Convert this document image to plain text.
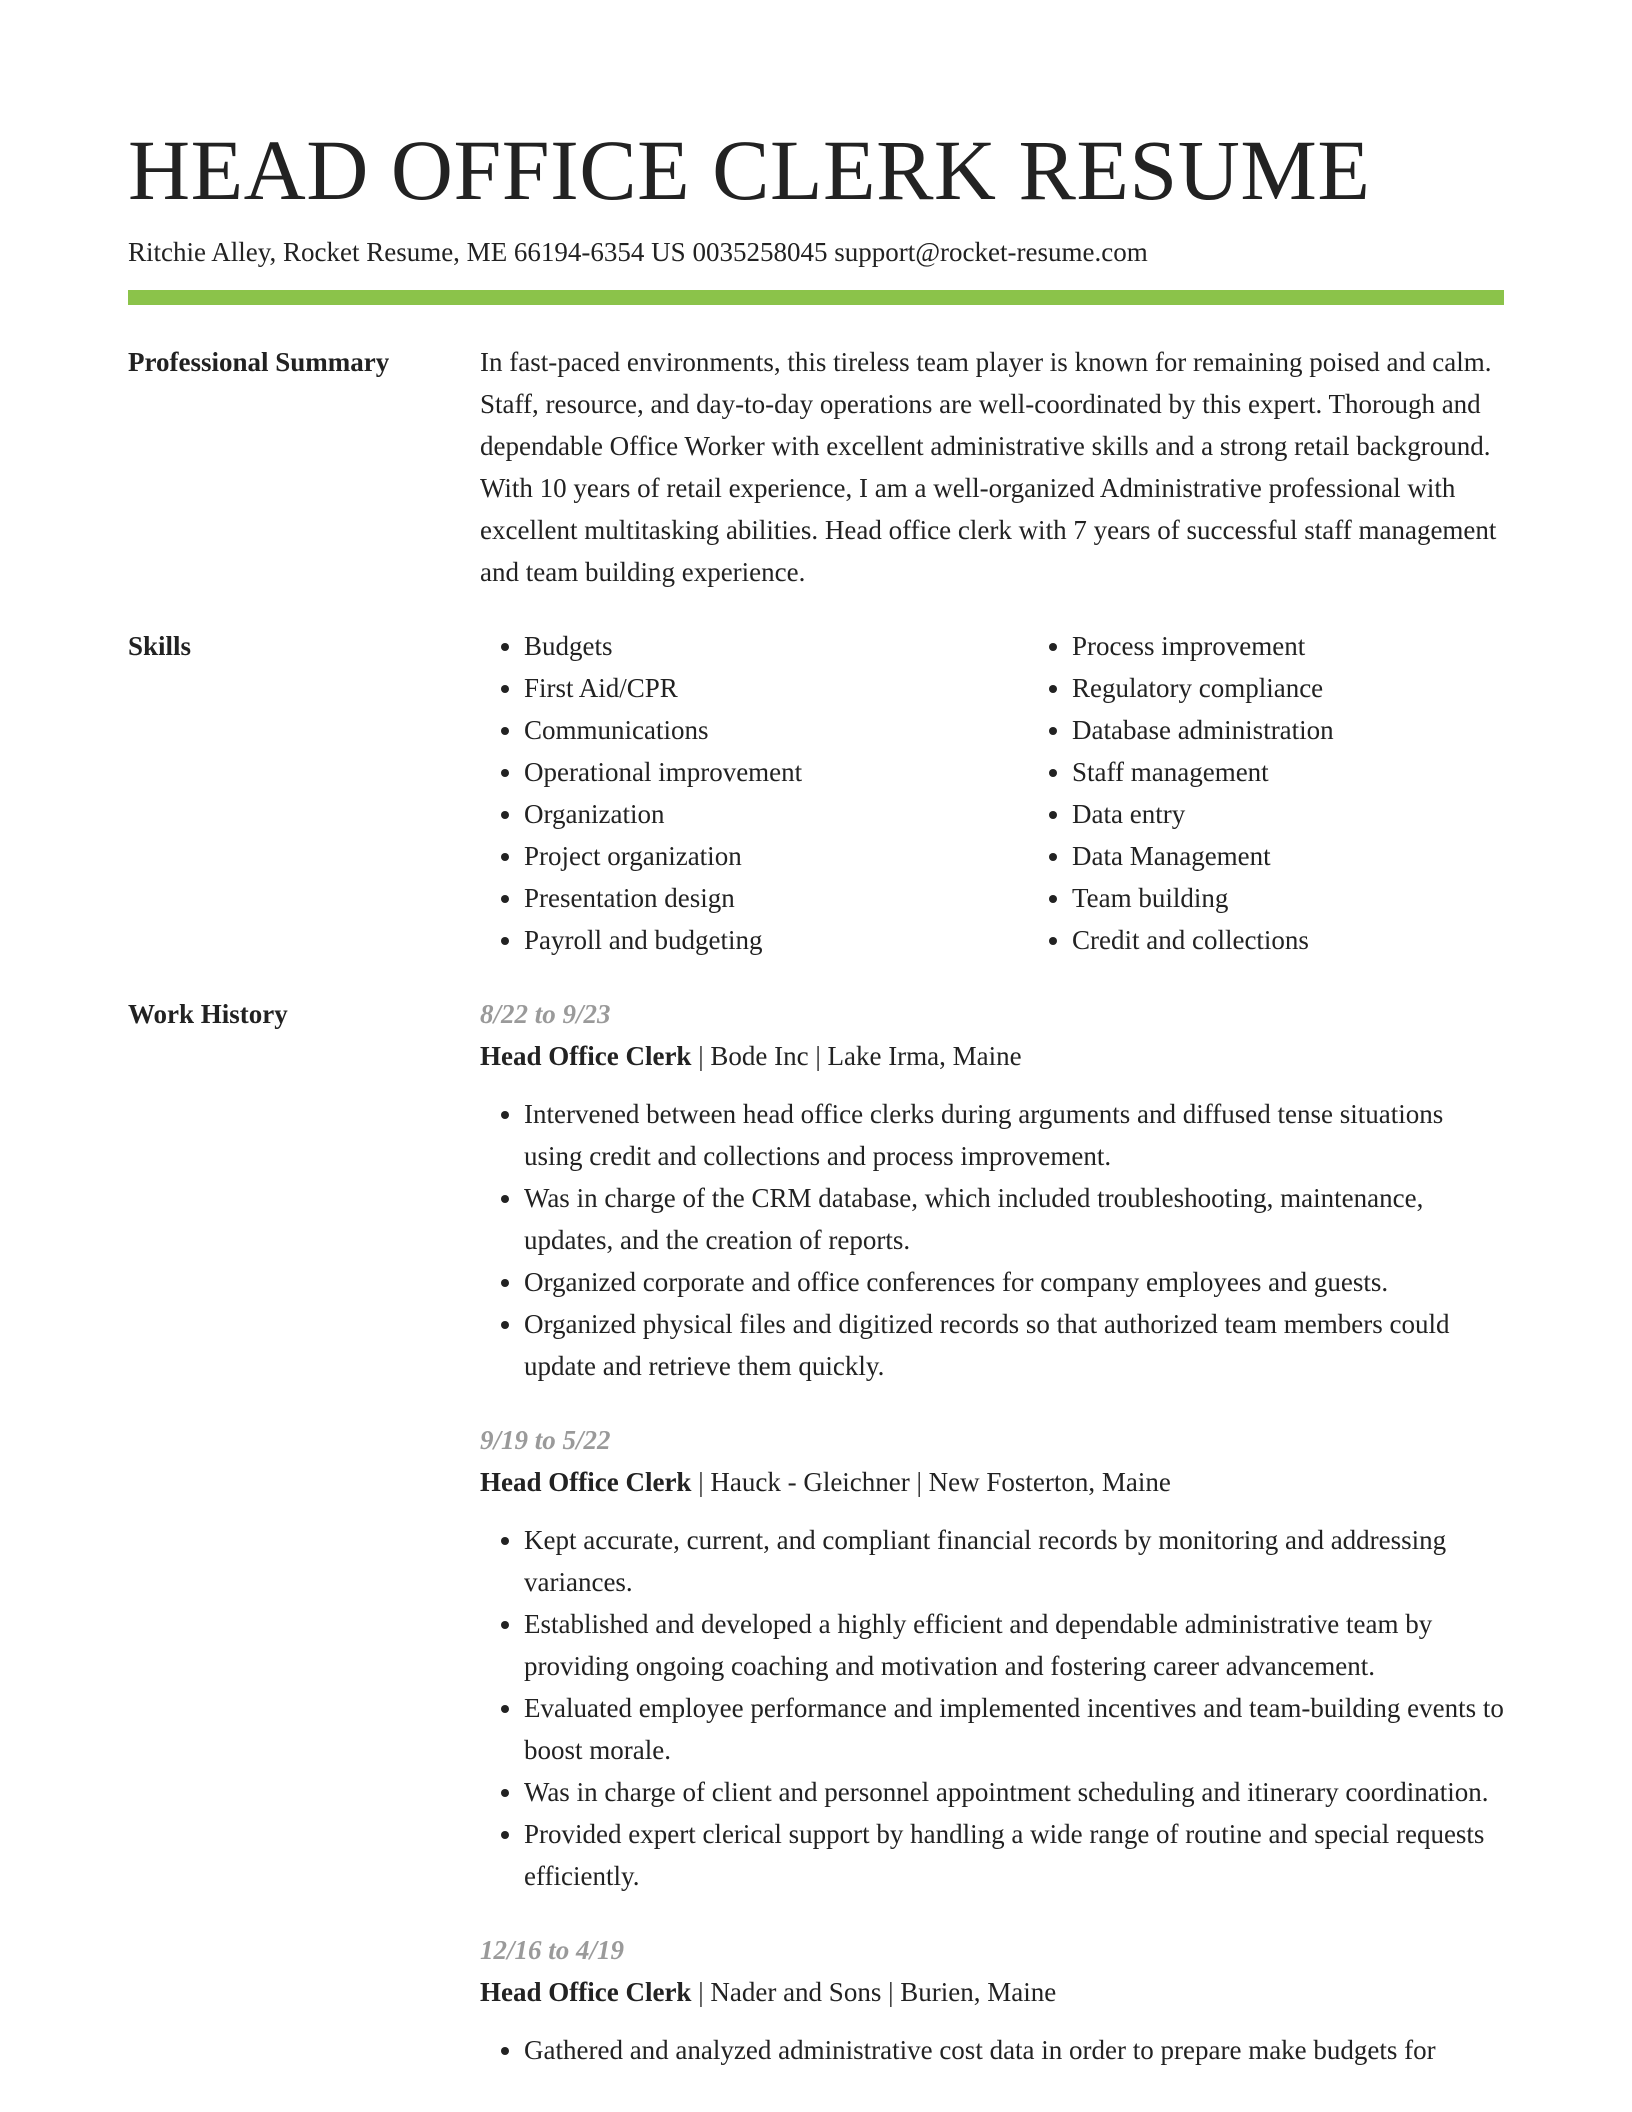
HEAD OFFICE CLERK RESUME
Ritchie Alley, Rocket Resume, ME 66194-6354 US 0035258045 support@rocket-resume.com
Professional Summary	In fast-paced environments, this tireless team player is known for remaining poised and calm. Staff, resource, and day-to-day operations are well-coordinated by this expert. Thorough and dependable Office Worker with excellent administrative skills and a strong retail background. With 10 years of retail experience, I am a well-organized Administrative professional with excellent multitasking abilities. Head office clerk with 7 years of successful staff management and team building experience.

Skills
•	Budgets
• First Aid/CPR
• Communications
• Operational improvement
• Organization
• Project organization
• Presentation design
• Payroll and budgeting
• Process improvement
• Regulatory compliance
• Database administration
• Staff management
• Data entry
• Data Management
• Team building
• Credit and collections
Work History	8/22 to 9/23
Head Office Clerk | Bode Inc | Lake Irma, Maine
• Intervened between head office clerks during arguments and diffused tense situations using credit and collections and process improvement.
• Was in charge of the CRM database, which included troubleshooting, maintenance, updates, and the creation of reports.
• Organized corporate and office conferences for company employees and guests.
• Organized physical files and digitized records so that authorized team members could update and retrieve them quickly.
9/19 to 5/22
Head Office Clerk | Hauck - Gleichner | New Fosterton, Maine
• Kept accurate, current, and compliant financial records by monitoring and addressing variances.
• Established and developed a highly efficient and dependable administrative team by providing ongoing coaching and motivation and fostering career advancement.
• Evaluated employee performance and implemented incentives and team-building events to boost morale.
• Was in charge of client and personnel appointment scheduling and itinerary coordination.
• Provided expert clerical support by handling a wide range of routine and special requests efficiently.
12/16 to 4/19
Head Office Clerk | Nader and Sons | Burien, Maine
• Gathered and analyzed administrative cost data in order to prepare make budgets for
